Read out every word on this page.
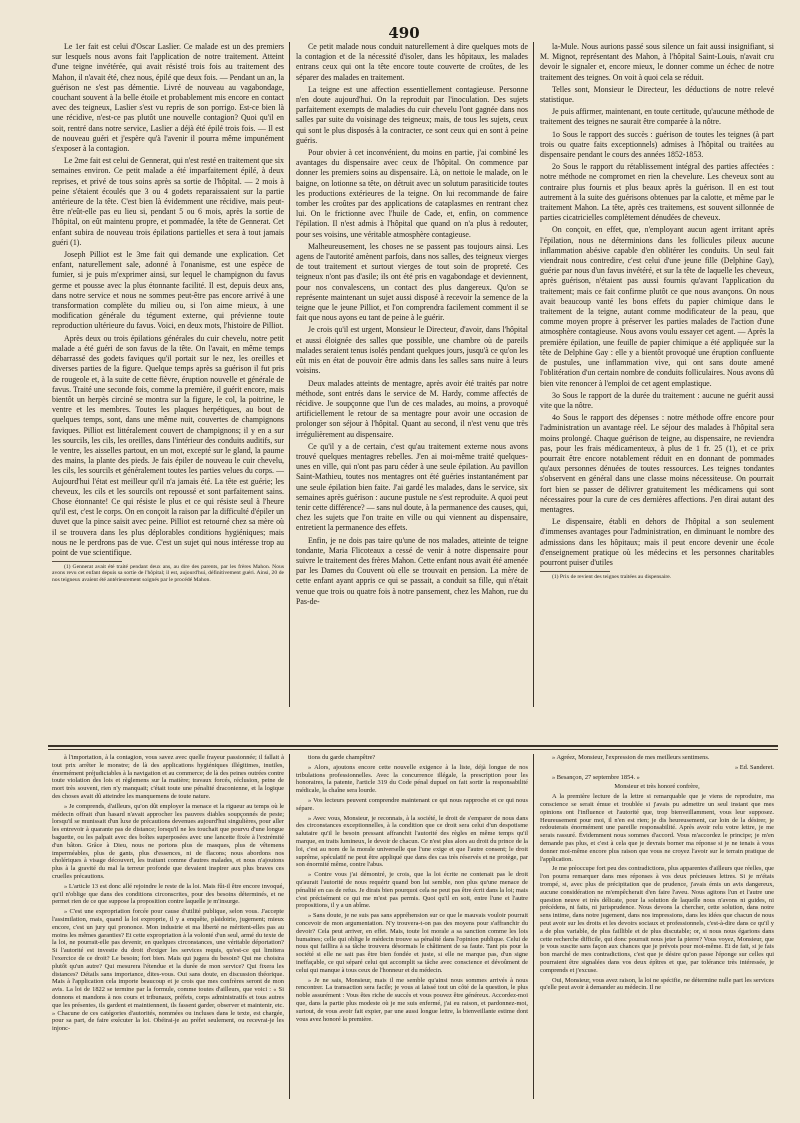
490

Le 1er fait est celui d'Oscar Laslier. Ce malade est un des premiers sur lesquels nous avons fait l'application de notre traitement. Atteint d'une teigne invétérée, qui avait résisté trois fois au traitement des Mahon, il n'avait été, chez nous, épilé que deux fois. — Pendant un an, la guérison ne s'est pas démentie. Livré de nouveau au vagabondage, couchant souvent à la belle étoile et probablement mis encore en contact avec des teigneux, Laslier s'est vu repris de son porrigo. Est-ce bien là une récidive, n'est-ce pas plutôt une nouvelle contagion? Quoi qu'il en soit, rentré dans notre service, Laslier a déjà été épilé trois fois. — Il est de nouveau guéri et j'espère qu'à l'avenir il pourra même impunément s'exposer à la contagion.

Le 2me fait est celui de Gennerat, qui n'est resté en traitement que six semaines environ. Ce petit malade a été imparfaitement épilé, à deux reprises, et privé de tous soins après sa sortie de l'hôpital. — 2 mois à peine s'étaient écoulés que 3 ou 4 godets reparaissaient sur la partie antérieure de la tête. C'est bien là évidemment une récidive, mais peut-être n'eût-elle pas eu lieu si, pendant 5 ou 6 mois, après la sortie de l'hôpital, on eût maintenu propre, et pommadée, la tête de Gennerat. Cet enfant subira de nouveau trois épilations partielles et sera à tout jamais guéri (1).

Joseph Pilliot est le 3me fait qui demande une explication. Cet enfant, naturellement sale, adonné à l'onanisme, est une espèce de fumier, si je puis m'exprimer ainsi, sur lequel le champignon du favus germe et pousse avec la plus étonnante facilité. Il est, depuis deux ans, dans notre service et nous ne sommes peut-être pas encore arrivé à une transformation complète du milieu ou, si l'on aime mieux, à une modification générale du tégument externe, qui prévienne toute reproduction ultérieure du favus. Voici, en deux mots, l'histoire de Pilliot.

Après deux ou trois épilations générales du cuir chevelu, notre petit malade a été guéri de son favus de la tête. On l'avait, en même temps débarrassé des godets faviques qu'il portait sur le nez, les oreilles et diverses parties de la figure. Quelque temps après sa guérison il fut pris de rougeole et, à la suite de cette fièvre, éruption nouvelle et générale de favus. Traité une seconde fois, comme la première, il guérit encore, mais bientôt un herpès circiné se montra sur la figure, le col, la poitrine, le ventre et les membres. Toutes les plaques herpétiques, au bout de quelques temps, sont, dans une même nuit, couvertes de champignons faviques. Pilliot est littéralement couvert de champignons; il y en a sur les sourcils, les cils, les oreilles, dans l'intérieur des conduits auditifs, sur le ventre, les aisselles partout, en un mot, excepté sur le gland, la paume des mains, la plante des pieds. Je fais épiler de nouveau le cuir chevelu, les cils, les sourcils et généralement toutes les parties velues du corps. — Aujourd'hui l'état est meilleur qu'il n'a jamais été. La tête est guérie; les cheveux, les cils et les sourcils ont repoussé et sont parfaitement sains. Chose étonnante! Ce qui résiste le plus et ce qui résiste seul à l'heure qu'il est, c'est le corps. On en conçoit la raison par la difficulté d'épiler un duvet que la pince saisit avec peine. Pilliot est retourné chez sa mère où il se trouvera dans les plus déplorables conditions hygiéniques; mais nous ne le perdrons pas de vue. C'est un sujet qui nous intéresse trop au point de vue scientifique.

(1) Gennerat avait été traité pendant deux ans, au dire des parents, par les frères Mahon. Nous avons revu cet enfant depuis sa sortie de l'hôpital; il est, aujourd'hui, définitivement guéri. Ainsi, 20 de nos teigneux avaient été antérieurement soignés par le procédé Mahon.

Ce petit malade nous conduit naturellement à dire quelques mots de la contagion et de la nécessité d'isoler, dans les hôpitaux, les malades entrans ceux qui ont la tête encore toute couverte de croûtes, de les séparer des malades en traitement.

La teigne est une affection essentiellement contagieuse. Personne n'en doute aujourd'hui. On la reproduit par l'inoculation. Des sujets parfaitement exempts de maladies du cuir chevelu l'ont gagnée dans nos salles par suite du voisinage des teigneux; mais, de tous les sujets, ceux qui sont le plus disposés à la contracter, ce sont ceux qui en sont à peine guéris.

Pour obvier à cet inconvénient, du moins en partie, j'ai combiné les avantages du dispensaire avec ceux de l'hôpital. On commence par donner les premiers soins au dispensaire. Là, on nettoie le malade, on le baigne, on lotionne sa tête, on détruit avec un solutum parasiticide toutes les productions extérieures de la teigne. On lui recommande de faire tomber les croûtes par des applications de cataplasmes en rentrant chez lui. On le frictionne avec l'huile de Cade, et, enfin, on commence l'épilation. Il n'est admis à l'hôpital que quand on n'a plus à redouter, pour ses voisins, une véritable atmosphère contagieuse.

Malheureusement, les choses ne se passent pas toujours ainsi. Les agens de l'autorité amènent parfois, dans nos salles, des teigneux vierges de tout traitement et surtout vierges de tout soin de propreté. Ces teigneux n'ont pas d'asile; ils ont été pris en vagabondage et deviennent, pour nos convalescens, un contact des plus dangereux. Qu'on se représente maintenant un sujet aussi disposé à recevoir la semence de la teigne que le jeune Pilliot, et l'on comprendra facilement comment il se fait que nous ayons eu tant de peine à le guérir.

Je crois qu'il est urgent, Monsieur le Directeur, d'avoir, dans l'hôpital et aussi éloignée des salles que possible, une chambre où de pareils malades seraient tenus isolés pendant quelques jours, jusqu'à ce qu'on les eût mis en état de pouvoir être admis dans les salles sans nuire à leurs voisins.

Deux malades atteints de mentagre, après avoir été traités par notre méthode, sont entrés dans le service de M. Hardy, comme affectés de récidive. Je soupçonne que l'un de ces malades, au moins, a provoqué artificiellement le retour de sa mentagre pour avoir une occasion de prolonger son séjour à l'hôpital. Quant au second, il n'est venu que très irrégulièrement au dispensaire.

Ce qu'il y a de certain, c'est qu'au traitement externe nous avons trouvé quelques mentagres rebelles. J'en ai moi-même traité quelques-unes en ville, qui n'ont pas paru céder à une seule épilation. Au pavillon Saint-Mathieu, toutes nos mentagres ont été guéries instantanément par une seule épilation bien faite. J'ai gardé les malades, dans le service, six semaines après guérison : aucune pustule ne s'est reproduite. A quoi peut tenir cette différence? — sans nul doute, à la permanence des causes, qui, chez les sujets que l'on traite en ville ou qui viennent au dispensaire, entretient la permanence des effets.

Enfin, je ne dois pas taire qu'une de nos malades, atteinte de teigne tondante, Maria Flicoteaux a cessé de venir à notre dispensaire pour suivre le traitement des frères Mahon. Cette enfant nous avait été amenée par les Dames du Couvent où elle se trouvait en pension. La mère de cette enfant ayant appris ce qui se passait, a conduit sa fille, qui n'était venue que trois ou quatre fois à notre pansement, chez les Mahon, rue du Pas-de-

la-Mule. Nous aurions passé sous silence un fait aussi insignifiant, si M. Mignot, représentant des Mahon, à l'hôpital Saint-Louis, n'avait cru devoir le signaler et, encore mieux, le donner comme un échec de notre traitement des teignes. On voit à quoi cela se réduit.

Telles sont, Monsieur le Directeur, les déductions de notre relevé statistique.

Je puis affirmer, maintenant, en toute certitude, qu'aucune méthode de traitement des teignes ne saurait être comparée à la nôtre.

1o Sous le rapport des succès : guérison de toutes les teignes (à part trois ou quatre faits exceptionnels) admises à l'hôpital ou traitées au dispensaire pendant le cours des années 1852-1853.

2o Sous le rapport du rétablissement intégral des parties affectées : notre méthode ne compromet en rien la chevelure. Les cheveux sont au contraire plus fournis et plus beaux après la guérison. Il en est tout autrement à la suite des guérisons obtenues par la calotte, et même par le traitement Mahon. La tête, après ces traitemens, est souvent sillonnée de parties cicatricielles complètement dénudées de cheveux.

On conçoit, en effet, que, n'employant aucun agent irritant après l'épilation, nous ne déterminions dans les follicules pileux aucune inflammation abésive capable d'en oblitérer les conduits. Un seul fait viendrait nous contredire, c'est celui d'une jeune fille (Delphine Gay), guérie par nous d'un favus invétéré, et sur la tête de laquelle les cheveux, après guérison, n'étaient pas aussi fournis qu'avant l'application du traitement; mais ce fait confirme plutôt ce que nous avançons. On nous avait beaucoup vanté les bons effets du papier chimique dans le traitement de la teigne, autant comme modificateur de la peau, que comme moyen propre à préserver les parties malades de l'action d'une atmosphère contagieuse. Nous avons voulu essayer cet agent. — Après la première épilation, une feuille de papier chimique a été appliquée sur la tête de Delphine Gay : elle y a bientôt provoqué une éruption confluente de pustules, une inflammation vive, qui ont sans doute amené l'oblitération d'un certain nombre de conduits folliculaires. Nous avons dû bien vite renoncer à l'emploi de cet agent emplastique.

3o Sous le rapport de la durée du traitement : aucune ne guérit aussi vite que la nôtre.

4o Sous le rapport des dépenses : notre méthode offre encore pour l'administration un avantage réel. Le séjour des malades à l'hôpital sera moins prolongé. Chaque guérison de teigne, au dispensaire, ne reviendra pas, pour les frais médicamenteux, à plus de 1 fr. 25 (1), et ce prix pourrait être encore notablement réduit en en donnant de pommades qu'aux personnes dénuées de toutes ressources. Les teignes tondantes s'observent en général dans une classe moins nécessiteuse. On pourrait fort bien se passer de délivrer gratuitement les médicamens qui sont nécessaires pour la cure de ces dernières affections. J'en dirai autant des mentagres.

Le dispensaire, établi en dehors de l'hôpital a son seulement d'immenses avantages pour l'administration, en diminuant le nombre des admissions dans les hôpitaux; mais il peut encore devenir une école d'enseignement pratique où les médecins et les personnes charitables pourront puiser d'utiles

(1) Prix de revient des teignes traitées au dispensaire.

à l'importation, à la contagion, vous savez avec quelle frayeur passionnée; il fallait à tout prix arrêter le monstre; de là des applications hygiéniques illégitimes, inutiles, énormément préjudiciables à la navigation et au commerce; de là des peines outrées contre toute violation des lois et règlemens sur la matière; travaux forcés, réclusion, peine de mort très souvent, rien n'y manquait; c'était toute une pénalité draconienne, et la logique des choses avait dû atteindre les manquemens de toute nature.

» Je comprends, d'ailleurs, qu'on dût employer la menace et la rigueur au temps où le médecin offrait d'un hasard n'avait approcher les pauvres diables soupçonnés de peste; lorsqu'il se munissait d'un luxe de précautions devenues aujourd'hui singulières, pour aller les entrevoir à quarante pas de distance; lorsqu'il ne les touchait que pourvu d'une longue baguette, ou les palpait avec des boîtes superposées avec une lancette fixée à l'extrémité d'un bâton. Grâce à Dieu, nous ne portons plus de masques, plus de vêtemens imperméables, plus de gants, plus d'essences, ni de flacons; nous abordons nos cholériques à visage découvert, les traitant comme d'autres malades, et nous n'ajoutons plus à la gravité du mal la terreur profonde que devaient inspirer aux plus braves ces cruelles précautions.

» L'article 13 est donc allé rejoindre le reste de la loi. Mais fût-il être encore invoqué, qu'il n'oblige que dans des conditions circonscrites, pour des besoins déterminés, et ne permet rien de ce que suppose la proposition contre laquelle je m'insurge.

» C'est une expropriation forcée pour cause d'utilité publique, selon vous. J'accepte l'assimilation, mais, quand la loi exproprie, il y a enquête, plaidoirie, jugement; mieux encore, c'est un jury qui prononce. Mon industrie et ma liberté ne méritent-elles pas au moins les mêmes garanties? Et cette expropriation à la volonté d'un seul, armé du texte de la loi, ne pourrait-elle pas devenir, en quelques circonstances, une véritable déportation? Si l'autorité est investie du droit d'exiger les services requis, qu'est-ce qui limitera l'exercice de ce droit? Le besoin; fort bien. Mais qui jugera du besoin? Qui me choisira plutôt qu'un autre? Qui mesurera l'étendue et la durée de mon service? Qui fixera les distances? Détails sans importance, dites-vous. Oui sans doute, en discussion théorique. Mais à l'application cela importe beaucoup et je crois que mes confrères seront de mon avis. La loi de 1822 se termine par la formule, comme toutes d'ailleurs, que voici : « Si donnons et mandons à nos cours et tribunaux, préfets, corps administratifs et tous autres que les présentes, ils gardent et maintiennent, ils fassent garder, observer et maintenir, etc. » Chacune de ces catégories d'autorités, nommées ou incluses dans le texte, est chargée, pour sa part, de faire exécuter la loi. Obéirai-je au préfet seulement, ou recevrai-je les injonc-

tions du garde champêtre?

» Alors, ajoutons encore cette nouvelle exigence à la liste, déjà longue de nos tribulations professionnelles. Avec la concurrence illégale, la prescription pour les honoraires, la patente, l'article 319 du Code pénal dupuel on fait sortir la responsabilité médicale, la chaîne sera lourde.

» Vos lecteurs peuvent comprendre maintenant ce qui nous rapproche et ce qui nous sépare.

» Avec vous, Monsieur, je reconnais, à la société, le droit de s'emparer de nous dans des circonstances exceptionnelles, à la condition que ce droit sera celui d'un despotisme salutaire qu'il le besoin pressant affranchit l'autorité des règles en même temps qu'il marque, en traits lumineux, le devoir de chacun. Ce n'est plus alors au droit du prince de la loi, c'est au nom de la morale universelle que l'une exige et que l'autre consent; le droit suprême, spéculatif ne peut être appliqué que dans des cas très réservés et ne protège, par son énormité même, contre l'abus.

» Contre vous j'ai démontré, je crois, que la loi écrite ne contenait pas le droit qu'aurait l'autorité de nous requérir quand bon lui semble, non plus qu'une menace de pénalité en cas de refus. Je dirais bien pourquoi cela ne peut pas être écrit dans la loi; mais c'est précisément ce qui me m'est pas permis. Quoi qu'il en soit, entre l'une et l'autre propositions, il y a un abîme.

» Sans doute, je ne suis pas sans appréhension sur ce que le mauvais vouloir pourrait concevoir de mon argumentation. N'y trouvera-t-on pas des moyens pour s'affranchir du devoir? Cela peut arriver, en effet. Mais, toute loi morale a sa sanction comme les lois humaines; celle qui oblige le médecin trouve sa pénalité dans l'opinion publique. Celui de nous qui faillira à sa tâche trouvera désormais le châtiment de sa faute. Tant pis pour la société si elle ne sait pas être bien fondée et juste, si elle ne marque pas, d'un signe ineffaçable, ce qui séparé celui qui accomplit sa tâche avec conscience et dévoûment de celui qui manque à tous ceux de l'honneur et du médecin.

» Je ne sais, Monsieur, mais il me semble qu'ainsi nous sommes arrivés à nous rencontrer. La transaction sera facile; je vous ai laissé tout un côté de la question, le plus noble assurément : Vous êtes riche de succès et vous pouvez être généreux. Accordez-moi que, dans la partie plus modeste où je me suis enfermé, j'ai eu raison, et pardonnez-moi, surtout, de vous avoir fait expier, par une aussi longue lettre, la bienveillante estime dont vous avez honoré la première.

» Agréez, Monsieur, l'expression de mes meilleurs sentimens.

» Ed. Sanderet.

» Besançon, 27 septembre 1854. »

Monsieur et très honoré confrère,

A la première lecture de la lettre si remarquable que je viens de reproduire, ma conscience se serait émue et troublée si j'avais pu admettre un seul instant que mes opinions ont l'influence et l'autorité que, trop bienveillamment, vous leur supposez. Heureusement pour moi, il n'en est rien; je dis heureusement, car loin de la désirer, je redouterais énormément une pareille responsabilité. Après avoir relu votre lettre, je me serais rassuré. Évidemment nous sommes d'accord. Vous m'accordez le principe; je m'en demande pas plus, et c'est à cela que je devrais borner ma réponse si je ne tenais à vous donner moi-même encore plus raison que vous ne croyez l'avoir sur le terrain pratique de l'application.

Je me préoccupe fort peu des contradictions, plus apparentes d'ailleurs que réelles, que l'on pourra remarquer dans mes réponses à vos deux précieuses lettres. Si je m'étais trompé, si, avec plus de précipitation que de prudence, j'avais émis un avis dangereux, aucune considération ne m'empêcherait d'en faire l'aveu. Nous agitons l'un et l'autre une question neuve et très délicate, pour la solution de laquelle nous n'avons ni guides, ni précédens, ni faits, ni jurisprudence. Nous devons la chercher, cette solution, dans notre sens intime, dans notre jugement, dans nos impressions, dans les idées que chacun de nous peut avoir sur les droits et les devoirs sociaux et professionnels, c'est-à-dire dans ce qu'il y a de plus variable, de plus faillible et de plus discutable; or, si nous nous égarions dans cette recherche difficile, qui donc pourrait nous jeter la pierre? Vous voyez, Monsieur, que je vous suscite sans façon aux chances que je prévois pour moi-même. Et de fait, si je fais bon marché de mes contradictions, c'est que je désire qu'on passe l'éponge sur celles qui pourraient être signalées dans vos deux épîtres et que, par tolérance très intéressée, je comprends et j'excuse.

Oui, Monsieur, vous avez raison, la loi ne spécifie, ne détermine nulle part les services qu'elle peut avoir à demander au médecin. Il ne
